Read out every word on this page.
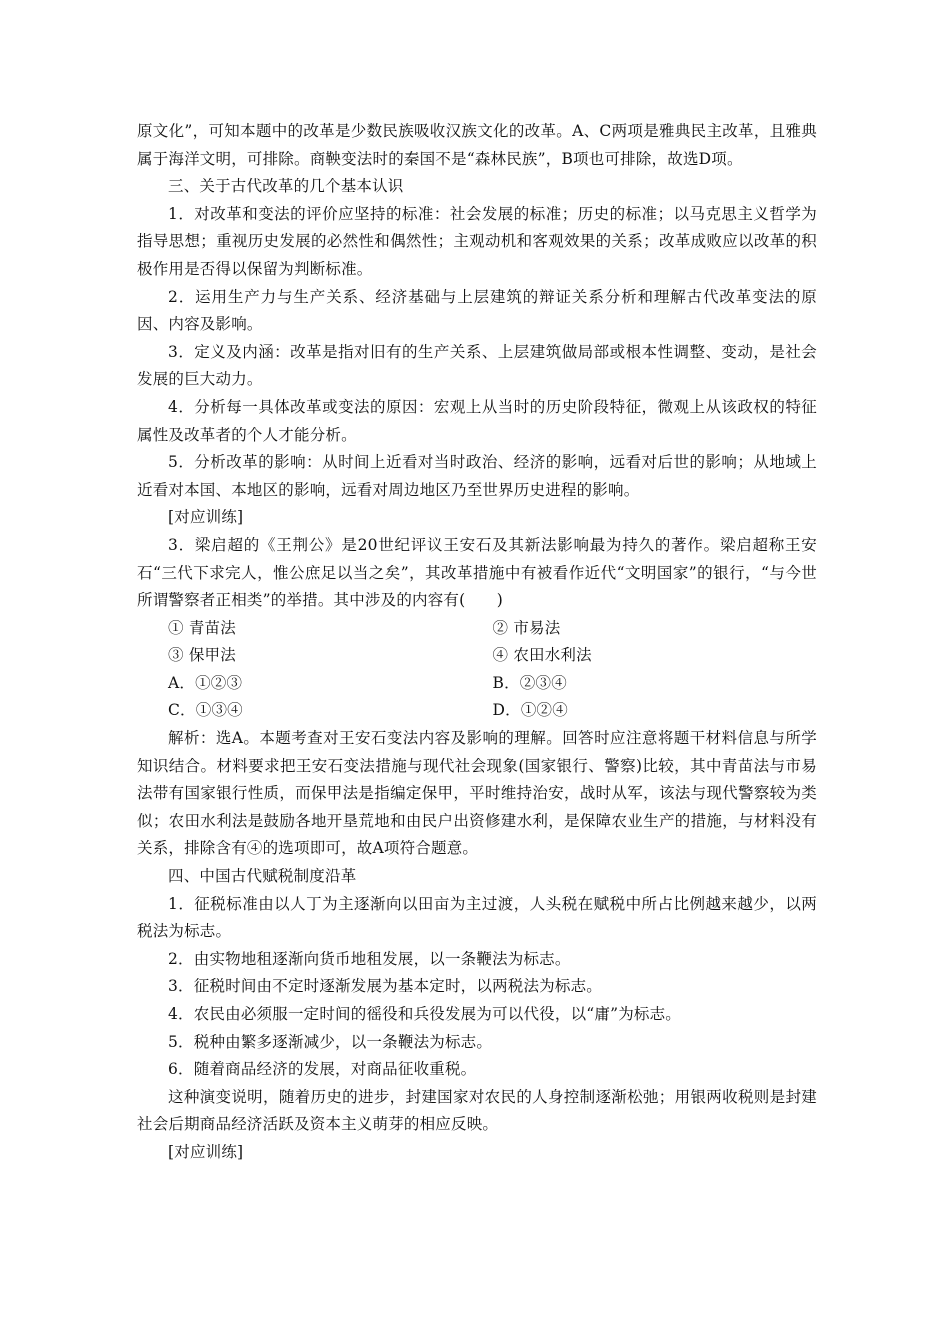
原文化”，可知本题中的改革是少数民族吸收汉族文化的改革。A、C两项是雅典民主改革，且雅典属于海洋文明，可排除。商鞅变法时的秦国不是“森林民族”，B项也可排除，故选D项。

三、关于古代改革的几个基本认识

1．对改革和变法的评价应坚持的标准：社会发展的标准；历史的标准；以马克思主义哲学为指导思想；重视历史发展的必然性和偶然性；主观动机和客观效果的关系；改革成败应以改革的积极作用是否得以保留为判断标准。

2．运用生产力与生产关系、经济基础与上层建筑的辩证关系分析和理解古代改革变法的原因、内容及影响。

3．定义及内涵：改革是指对旧有的生产关系、上层建筑做局部或根本性调整、变动，是社会发展的巨大动力。

4．分析每一具体改革或变法的原因：宏观上从当时的历史阶段特征，微观上从该政权的特征属性及改革者的个人才能分析。

5．分析改革的影响：从时间上近看对当时政治、经济的影响，远看对后世的影响；从地域上近看对本国、本地区的影响，远看对周边地区乃至世界历史进程的影响。

[对应训练]

3．梁启超的《王荆公》是20世纪评议王安石及其新法影响最为持久的著作。梁启超称王安石“三代下求完人，惟公庶足以当之矣”，其改革措施中有被看作近代“文明国家”的银行，“与今世所谓警察者正相类”的举措。其中涉及的内容有(　　)

① 青苗法	② 市易法
③ 保甲法	④ 农田水利法
A．①②③	B．②③④
C．①③④	D．①②④

解析：选A。本题考查对王安石变法内容及影响的理解。回答时应注意将题干材料信息与所学知识结合。材料要求把王安石变法措施与现代社会现象(国家银行、警察)比较，其中青苗法与市易法带有国家银行性质，而保甲法是指编定保甲，平时维持治安，战时从军，该法与现代警察较为类似；农田水利法是鼓励各地开垦荒地和由民户出资修建水利，是保障农业生产的措施，与材料没有关系，排除含有④的选项即可，故A项符合题意。

四、中国古代赋税制度沿革

1．征税标准由以人丁为主逐渐向以田亩为主过渡，人头税在赋税中所占比例越来越少，以两税法为标志。

2．由实物地租逐渐向货币地租发展，以一条鞭法为标志。

3．征税时间由不定时逐渐发展为基本定时，以两税法为标志。

4．农民由必须服一定时间的徭役和兵役发展为可以代役，以“庸”为标志。

5．税种由繁多逐渐减少，以一条鞭法为标志。

6．随着商品经济的发展，对商品征收重税。

这种演变说明，随着历史的进步，封建国家对农民的人身控制逐渐松弛；用银两收税则是封建社会后期商品经济活跃及资本主义萌芽的相应反映。

[对应训练]
